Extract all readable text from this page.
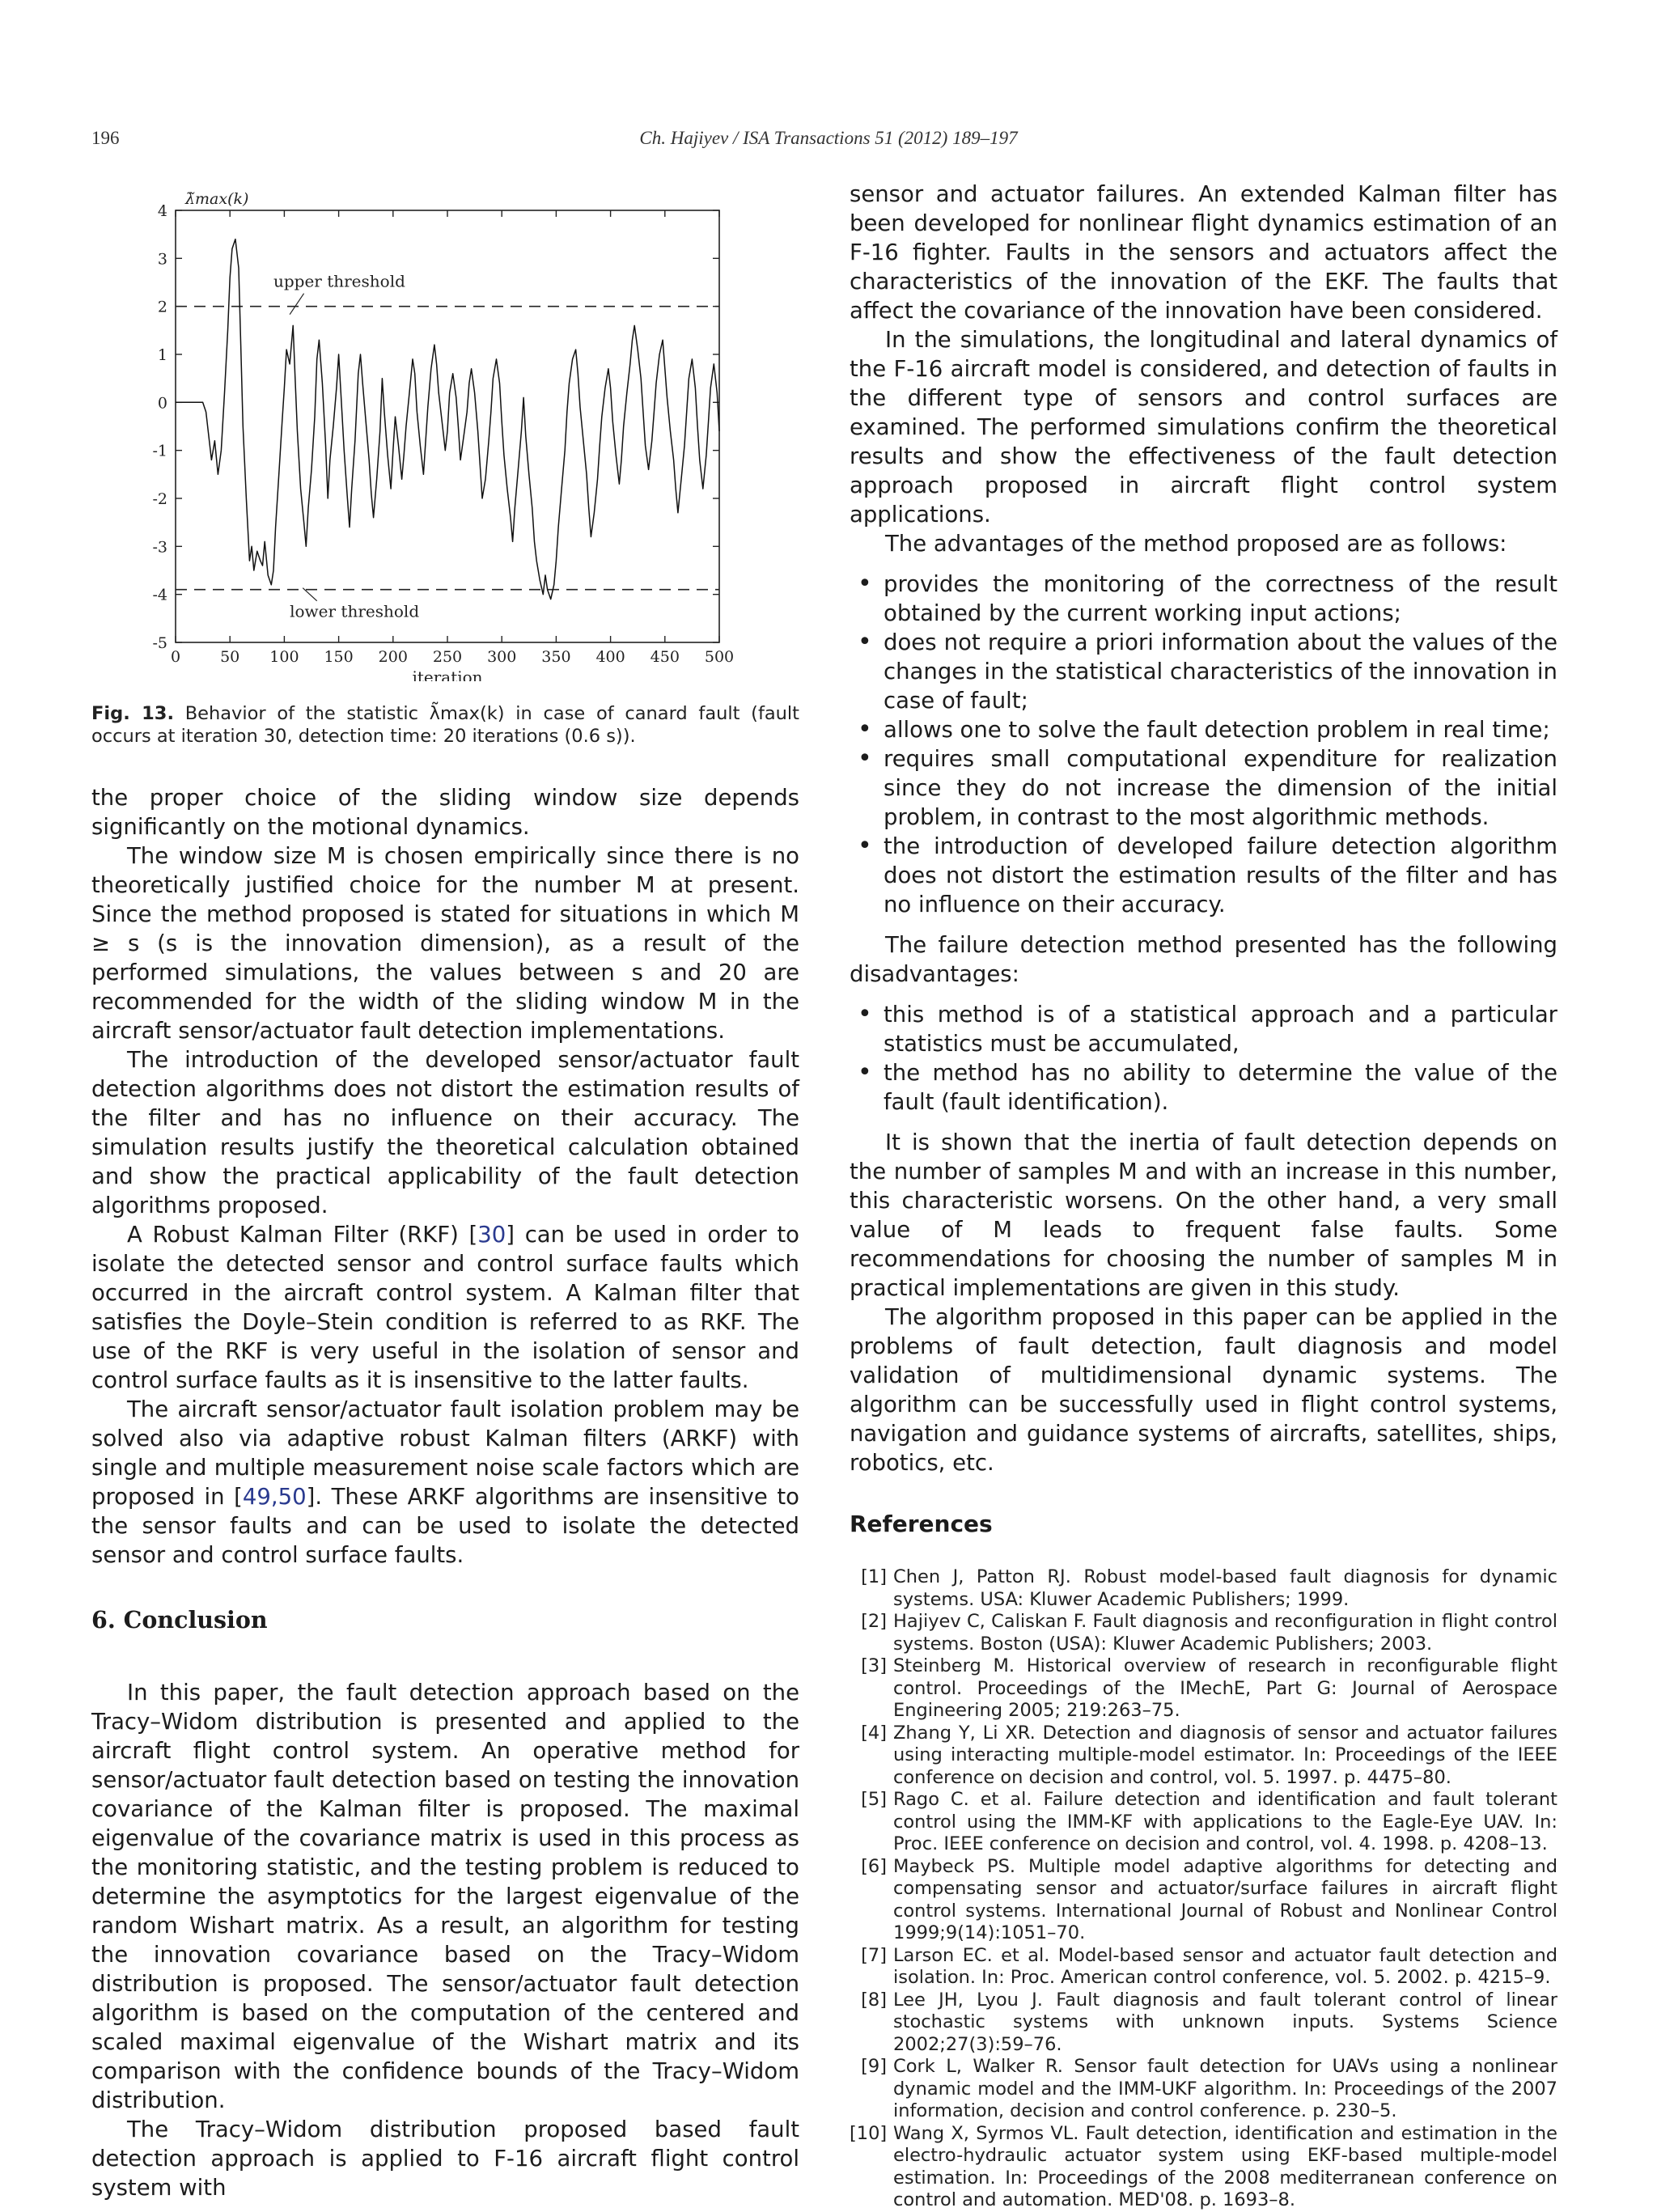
196	Ch. Hajiyev / ISA Transactions 51 (2012) 189–197
4
3
2
1
0
-1
-2
-3
-4
-5
0	50 100 150 200 250 300 350 400 450 500
upper threshold
lower threshold
iteration
λ̃max(k)
Fig. 13. Behavior of the statistic λ̃max(k) in case of canard fault (fault occurs at iteration 30, detection time: 20 iterations (0.6 s)).

the proper choice of the sliding window size depends significantly on the motional dynamics.

The window size M is chosen empirically since there is no theoretically justified choice for the number M at present. Since the method proposed is stated for situations in which M ≥ s (s is the innovation dimension), as a result of the performed simulations, the values between s and 20 are recommended for the width of the sliding window M in the aircraft sensor/actuator fault detection implementations.

The introduction of the developed sensor/actuator fault detection algorithms does not distort the estimation results of the filter and has no influence on their accuracy. The simulation results justify the theoretical calculation obtained and show the practical applicability of the fault detection algorithms proposed.

A Robust Kalman Filter (RKF) [30] can be used in order to isolate the detected sensor and control surface faults which occurred in the aircraft control system. A Kalman filter that satisfies the Doyle–Stein condition is referred to as RKF. The use of the RKF is very useful in the isolation of sensor and control surface faults as it is insensitive to the latter faults.

The aircraft sensor/actuator fault isolation problem may be solved also via adaptive robust Kalman filters (ARKF) with single and multiple measurement noise scale factors which are proposed in [49,50]. These ARKF algorithms are insensitive to the sensor faults and can be used to isolate the detected sensor and control surface faults.

6. Conclusion

In this paper, the fault detection approach based on the Tracy–Widom distribution is presented and applied to the aircraft flight control system. An operative method for sensor/actuator fault detection based on testing the innovation covariance of the Kalman filter is proposed. The maximal eigenvalue of the covariance matrix is used in this process as the monitoring statistic, and the testing problem is reduced to determine the asymptotics for the largest eigenvalue of the random Wishart matrix. As a result, an algorithm for testing the innovation covariance based on the Tracy–Widom distribution is proposed. The sensor/actuator fault detection algorithm is based on the computation of the centered and scaled maximal eigenvalue of the Wishart matrix and its comparison with the confidence bounds of the Tracy–Widom distribution.

The Tracy–Widom distribution proposed based fault detection approach is applied to F-16 aircraft flight control system with

sensor and actuator failures. An extended Kalman filter has been developed for nonlinear flight dynamics estimation of an F-16 fighter. Faults in the sensors and actuators affect the characteristics of the innovation of the EKF. The faults that affect the covariance of the innovation have been considered.

In the simulations, the longitudinal and lateral dynamics of the F-16 aircraft model is considered, and detection of faults in the different type of sensors and control surfaces are examined. The performed simulations confirm the theoretical results and show the effectiveness of the fault detection approach proposed in aircraft flight control system applications.

The advantages of the method proposed are as follows:

• provides the monitoring of the correctness of the result obtained by the current working input actions;
• does not require a priori information about the values of the changes in the statistical characteristics of the innovation in case of fault;
• allows one to solve the fault detection problem in real time;
• requires small computational expenditure for realization since they do not increase the dimension of the initial problem, in contrast to the most algorithmic methods.
• the introduction of developed failure detection algorithm does not distort the estimation results of the filter and has no influence on their accuracy.

The failure detection method presented has the following disadvantages:

• this method is of a statistical approach and a particular statistics must be accumulated,
• the method has no ability to determine the value of the fault (fault identification).

It is shown that the inertia of fault detection depends on the number of samples M and with an increase in this number, this characteristic worsens. On the other hand, a very small value of M leads to frequent false faults. Some recommendations for choosing the number of samples M in practical implementations are given in this study.

The algorithm proposed in this paper can be applied in the problems of fault detection, fault diagnosis and model validation of multidimensional dynamic systems. The algorithm can be successfully used in flight control systems, navigation and guidance systems of aircrafts, satellites, ships, robotics, etc.

References
[1] Chen J, Patton RJ. Robust model-based fault diagnosis for dynamic systems. USA: Kluwer Academic Publishers; 1999.
[2] Hajiyev C, Caliskan F. Fault diagnosis and reconfiguration in flight control systems. Boston (USA): Kluwer Academic Publishers; 2003.
[3] Steinberg M. Historical overview of research in reconfigurable flight control. Proceedings of the IMechE, Part G: Journal of Aerospace Engineering 2005; 219:263–75.
[4] Zhang Y, Li XR. Detection and diagnosis of sensor and actuator failures using interacting multiple-model estimator. In: Proceedings of the IEEE conference on decision and control, vol. 5. 1997. p. 4475–80.
[5] Rago C. et al. Failure detection and identification and fault tolerant control using the IMM-KF with applications to the Eagle-Eye UAV. In: Proc. IEEE conference on decision and control, vol. 4. 1998. p. 4208–13.
[6] Maybeck PS. Multiple model adaptive algorithms for detecting and compensating sensor and actuator/surface failures in aircraft flight control systems. International Journal of Robust and Nonlinear Control 1999;9(14):1051–70.
[7] Larson EC. et al. Model-based sensor and actuator fault detection and isolation. In: Proc. American control conference, vol. 5. 2002. p. 4215–9.
[8] Lee JH, Lyou J. Fault diagnosis and fault tolerant control of linear stochastic systems with unknown inputs. Systems Science 2002;27(3):59–76.
[9] Cork L, Walker R. Sensor fault detection for UAVs using a nonlinear dynamic model and the IMM-UKF algorithm. In: Proceedings of the 2007 information, decision and control conference. p. 230–5.
[10] Wang X, Syrmos VL. Fault detection, identification and estimation in the electro-hydraulic actuator system using EKF-based multiple-model estimation. In: Proceedings of the 2008 mediterranean conference on control and automation. MED'08. p. 1693–8.
